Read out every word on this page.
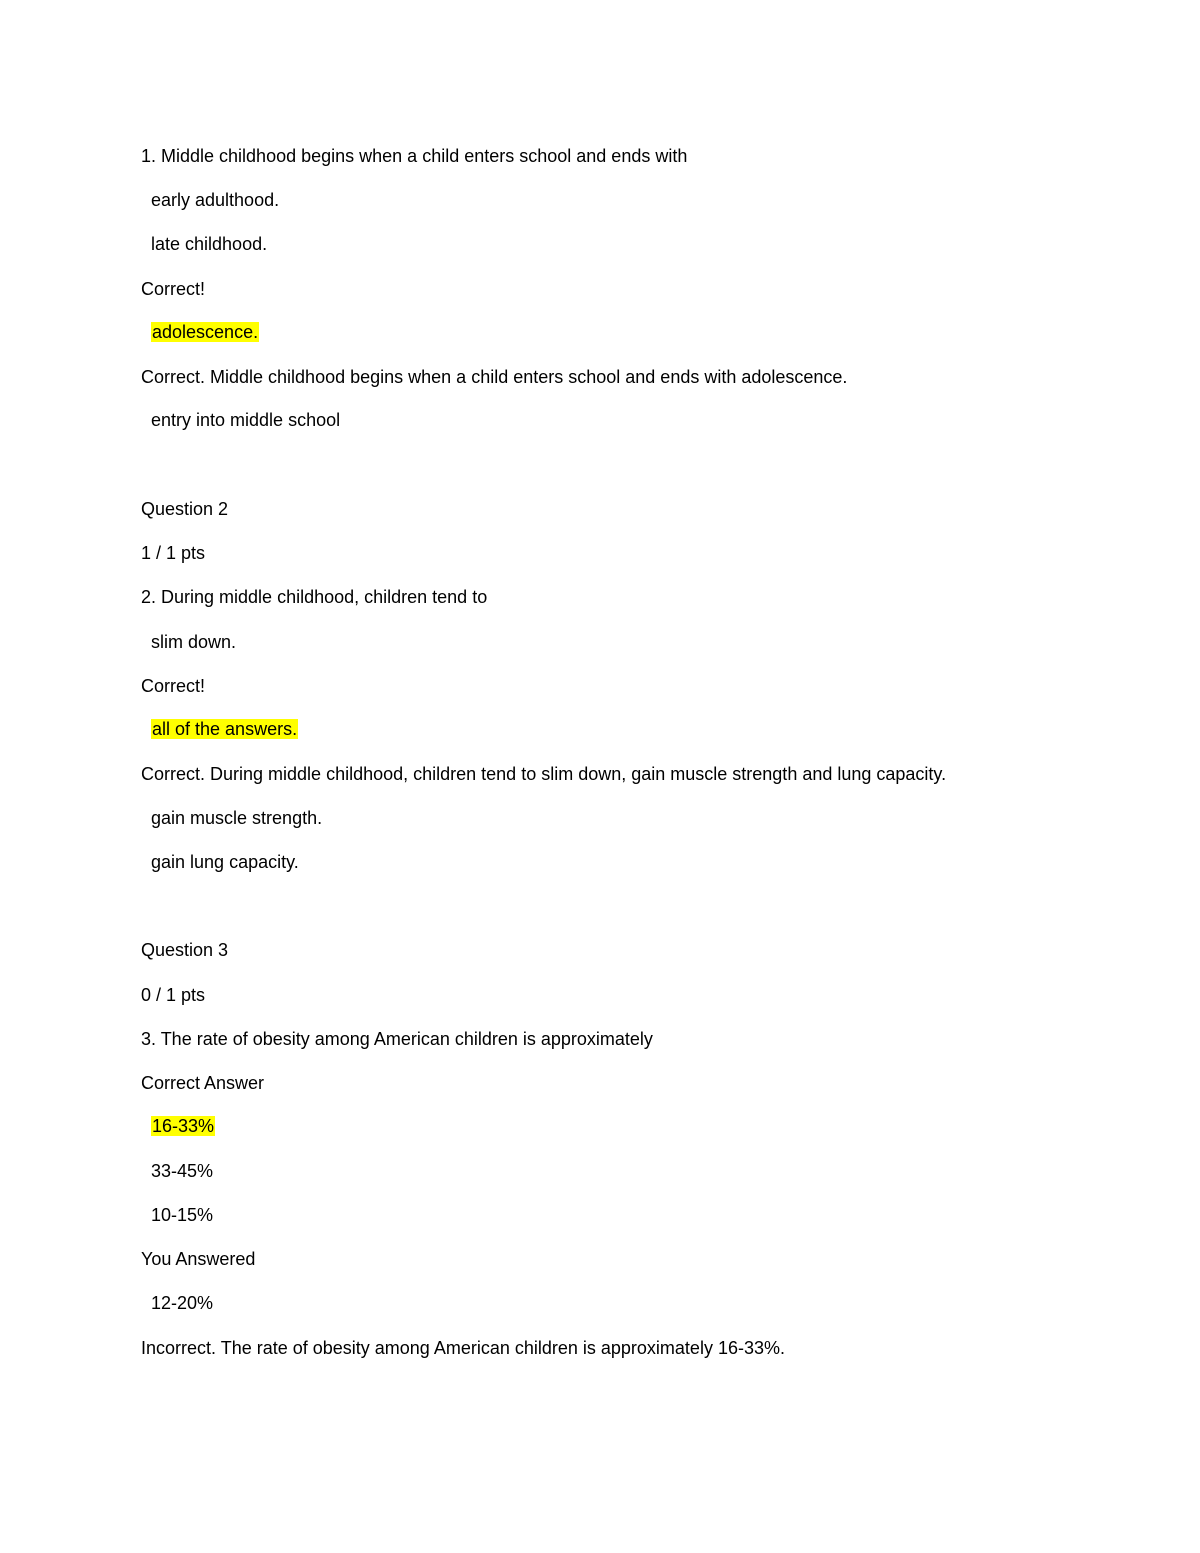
1. Middle childhood begins when a child enters school and ends with
early adulthood.
late childhood.
Correct!
adolescence.
Correct. Middle childhood begins when a child enters school and ends with adolescence.
entry into middle school
Question 2
1 / 1 pts
2. During middle childhood, children tend to
slim down.
Correct!
all of the answers.
Correct. During middle childhood, children tend to slim down, gain muscle strength and lung capacity.
gain muscle strength.
gain lung capacity.
Question 3
0 / 1 pts
3. The rate of obesity among American children is approximately
Correct Answer
16-33%
33-45%
10-15%
You Answered
12-20%
Incorrect. The rate of obesity among American children is approximately 16-33%.
